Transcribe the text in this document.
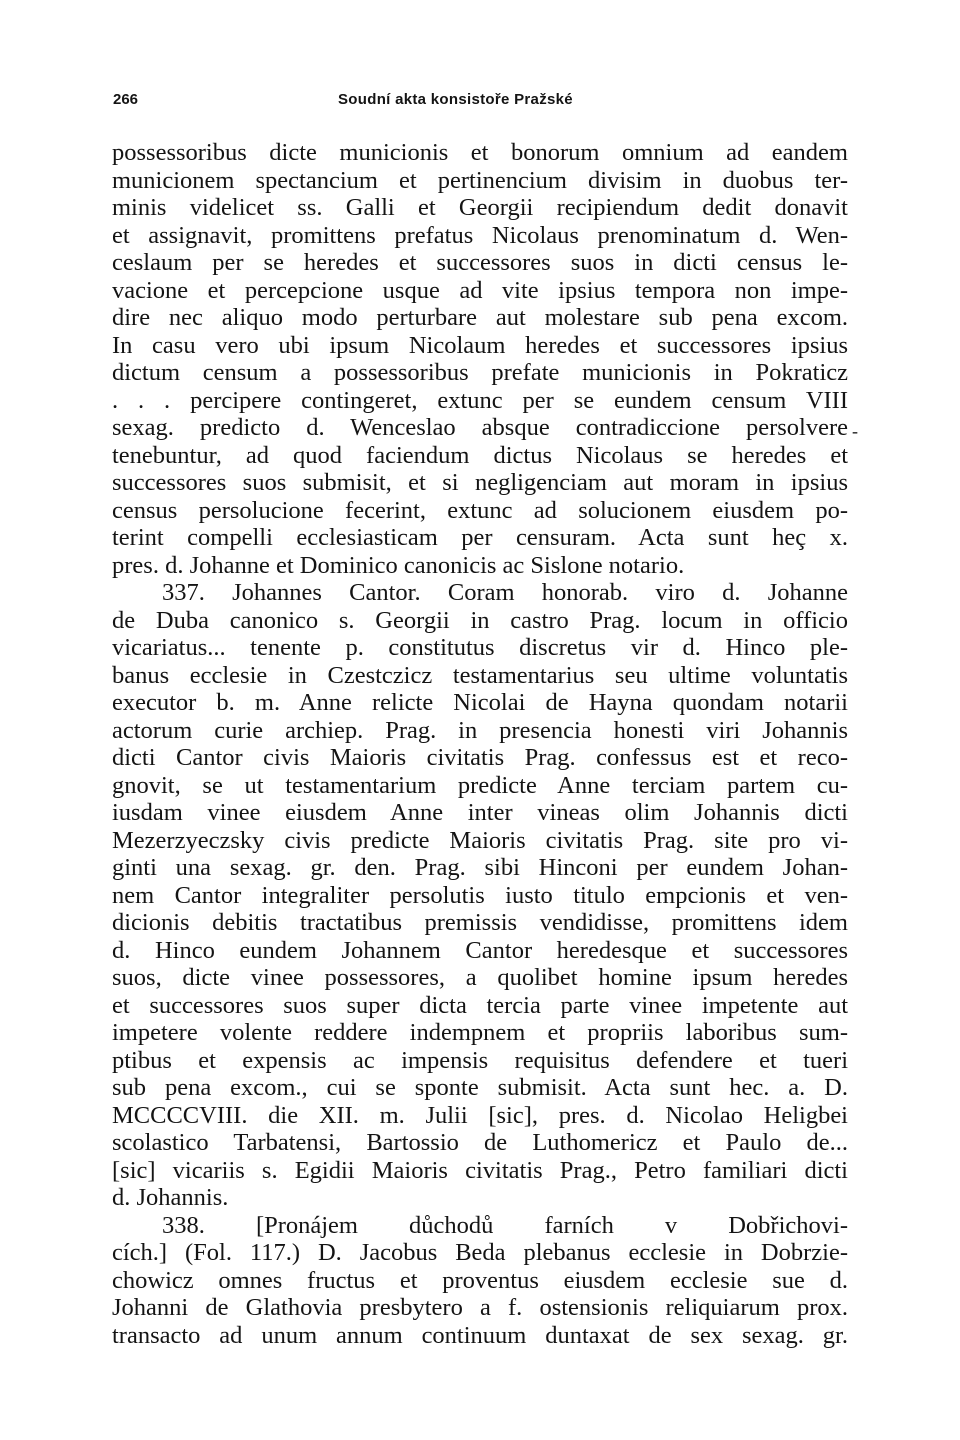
266	Soudní akta konsistoře Pražské
possessoribus dicte municionis et bonorum omnium ad eandem
municionem spectancium et pertinencium divisim in duobus ter-
minis videlicet ss. Galli et Georgii recipiendum dedit donavit
et assignavit, promittens prefatus Nicolaus prenominatum d. Wen-
ceslaum per se heredes et successores suos in dicti census le-
vacione et percepcione usque ad vite ipsius tempora non impe-
dire nec aliquo modo perturbare aut molestare sub pena excom.
In casu vero ubi ipsum Nicolaum heredes et successores ipsius
dictum censum a possessoribus prefate municionis in Pokraticz
. . . percipere contingeret, extunc per se eundem censum VIII
sexag. predicto d. Wenceslao absque contradiccione persolvere
tenebuntur, ad quod faciendum dictus Nicolaus se heredes et
successores suos submisit, et si negligenciam aut moram in ipsius
census persolucione fecerint, extunc ad solucionem eiusdem po-
terint compelli ecclesiasticam per censuram. Acta sunt heç x.
pres. d. Johanne et Dominico canonicis ac Sislone notario.
337. Johannes Cantor. Coram honorab. viro d. Johanne
de Duba canonico s. Georgii in castro Prag. locum in officio
vicariatus... tenente p. constitutus discretus vir d. Hinco ple-
banus ecclesie in Czestczicz testamentarius seu ultime voluntatis
executor b. m. Anne relicte Nicolai de Hayna quondam notarii
actorum curie archiep. Prag. in presencia honesti viri Johannis
dicti Cantor civis Maioris civitatis Prag. confessus est et reco-
gnovit, se ut testamentarium predicte Anne terciam partem cu-
iusdam vinee eiusdem Anne inter vineas olim Johannis dicti
Mezerzyeczsky civis predicte Maioris civitatis Prag. site pro vi-
ginti una sexag. gr. den. Prag. sibi Hinconi per eundem Johan-
nem Cantor integraliter persolutis iusto titulo empcionis et ven-
dicionis debitis tractatibus premissis vendidisse, promittens idem
d. Hinco eundem Johannem Cantor heredesque et successores
suos, dicte vinee possessores, a quolibet homine ipsum heredes
et successores suos super dicta tercia parte vinee impetente aut
impetere volente reddere indempnem et propriis laboribus sum-
ptibus et expensis ac impensis requisitus defendere et tueri
sub pena excom., cui se sponte submisit. Acta sunt hec. a. D.
MCCCCVIII. die XII. m. Julii [sic], pres. d. Nicolao Heligbei
scolastico Tarbatensi, Bartossio de Luthomericz et Paulo de...
[sic] vicariis s. Egidii Maioris civitatis Prag., Petro familiari dicti
d. Johannis.
338. [Pronájem důchodů farních v Dobřichovi-
cích.] (Fol. 117.) D. Jacobus Beda plebanus ecclesie in Dobrzie-
chowicz omnes fructus et proventus eiusdem ecclesie sue d.
Johanni de Glathovia presbytero a f. ostensionis reliquiarum prox.
transacto ad unum annum continuum duntaxat de sex sexag. gr.
-
